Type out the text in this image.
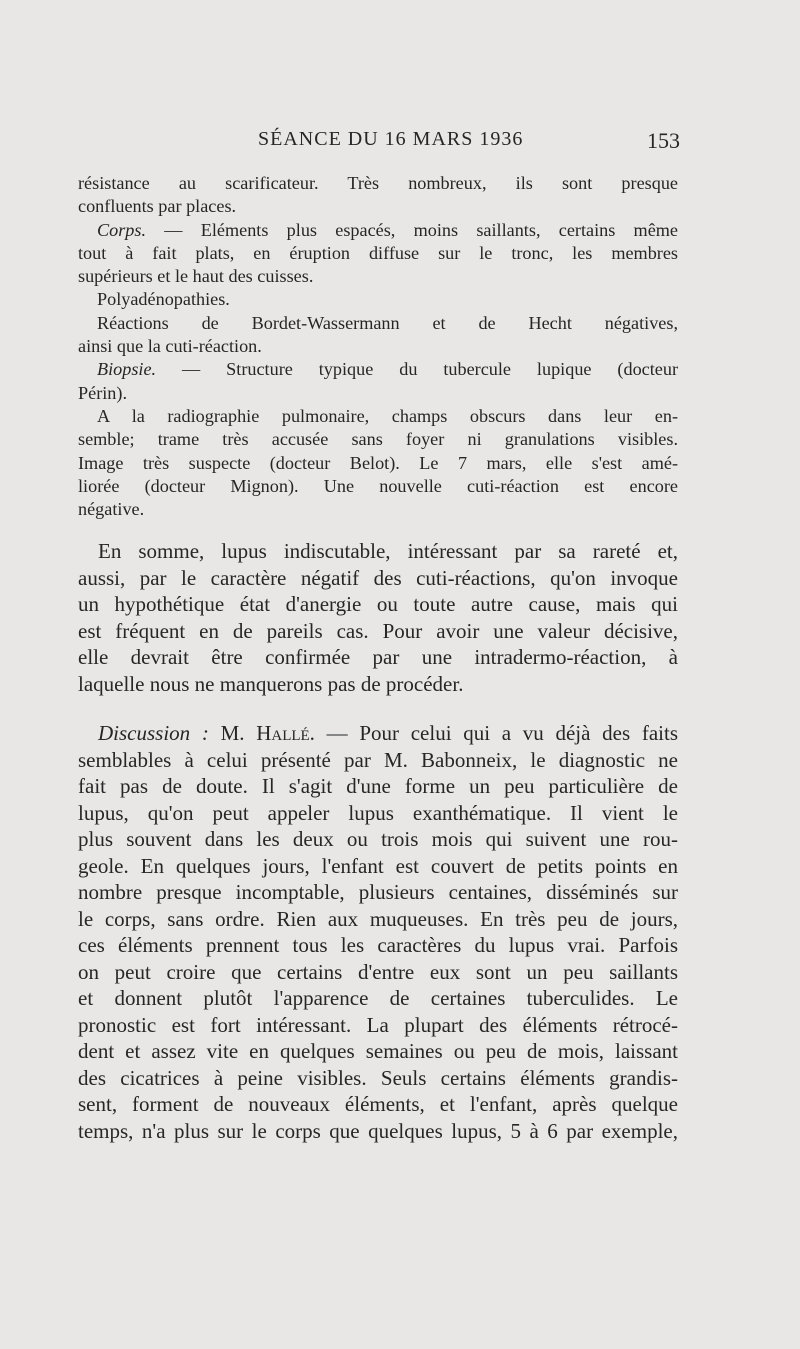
SÉANCE DU 16 MARS 1936	153
résistance au scarificateur. Très nombreux, ils sont presque
confluents par places.
Corps. — Eléments plus espacés, moins saillants, certains même
tout à fait plats, en éruption diffuse sur le tronc, les membres
supérieurs et le haut des cuisses.
Polyadénopathies.
Réactions de Bordet-Wassermann et de Hecht négatives,
ainsi que la cuti-réaction.
Biopsie. — Structure typique du tubercule lupique (docteur
Périn).
A la radiographie pulmonaire, champs obscurs dans leur en-
semble; trame très accusée sans foyer ni granulations visibles.
Image très suspecte (docteur Belot). Le 7 mars, elle s'est amé-
liorée (docteur Mignon). Une nouvelle cuti-réaction est encore
négative.
En somme, lupus indiscutable, intéressant par sa rareté et,
aussi, par le caractère négatif des cuti-réactions, qu'on invoque
un hypothétique état d'anergie ou toute autre cause, mais qui
est fréquent en de pareils cas. Pour avoir une valeur décisive,
elle devrait être confirmée par une intradermo-réaction, à
laquelle nous ne manquerons pas de procéder.
Discussion : M. Hallé. — Pour celui qui a vu déjà des faits
semblables à celui présenté par M. Babonneix, le diagnostic ne
fait pas de doute. Il s'agit d'une forme un peu particulière de
lupus, qu'on peut appeler lupus exanthématique. Il vient le
plus souvent dans les deux ou trois mois qui suivent une rou-
geole. En quelques jours, l'enfant est couvert de petits points en
nombre presque incomptable, plusieurs centaines, disséminés sur
le corps, sans ordre. Rien aux muqueuses. En très peu de jours,
ces éléments prennent tous les caractères du lupus vrai. Parfois
on peut croire que certains d'entre eux sont un peu saillants
et donnent plutôt l'apparence de certaines tuberculides. Le
pronostic est fort intéressant. La plupart des éléments rétrocé-
dent et assez vite en quelques semaines ou peu de mois, laissant
des cicatrices à peine visibles. Seuls certains éléments grandis-
sent, forment de nouveaux éléments, et l'enfant, après quelque
temps, n'a plus sur le corps que quelques lupus, 5 à 6 par exemple,
